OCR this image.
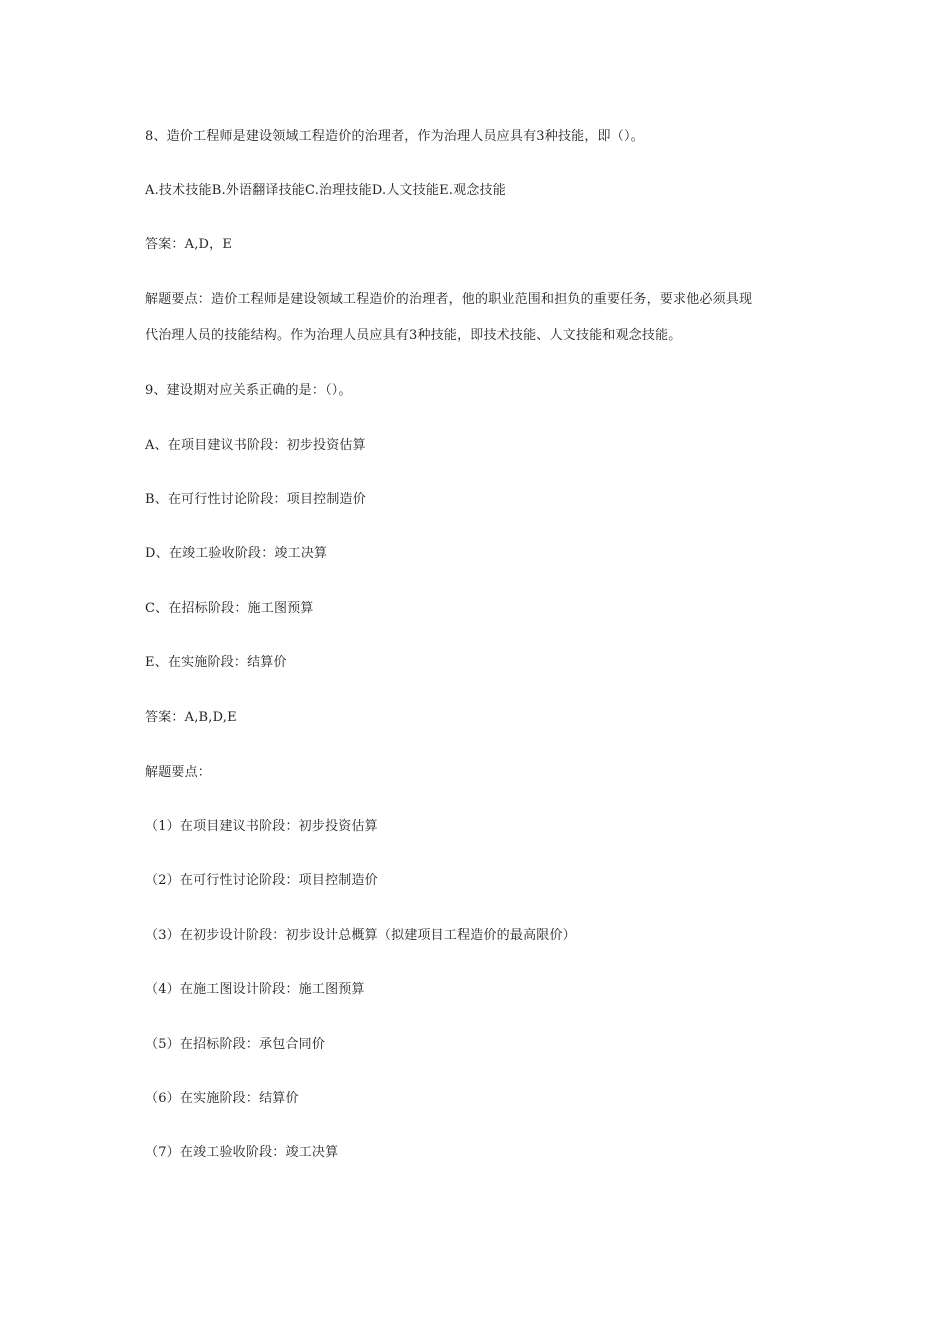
8、造价工程师是建设领域工程造价的治理者，作为治理人员应具有3种技能，即（）。
A.技术技能B.外语翻译技能C.治理技能D.人文技能E.观念技能
答案：A,D，E
解题要点：造价工程师是建设领域工程造价的治理者，他的职业范围和担负的重要任务，要求他必须具现
代治理人员的技能结构。作为治理人员应具有3种技能，即技术技能、人文技能和观念技能。
9、建设期对应关系正确的是：（）。
A、在项目建议书阶段：初步投资估算
B、在可行性讨论阶段：项目控制造价
D、在竣工验收阶段：竣工决算
C、在招标阶段：施工图预算
E、在实施阶段：结算价
答案：A,B,D,E
解题要点：
（1）在项目建议书阶段：初步投资估算
（2）在可行性讨论阶段：项目控制造价
（3）在初步设计阶段：初步设计总概算（拟建项目工程造价的最高限价）
（4）在施工图设计阶段：施工图预算
（5）在招标阶段：承包合同价
（6）在实施阶段：结算价
（7）在竣工验收阶段：竣工决算
